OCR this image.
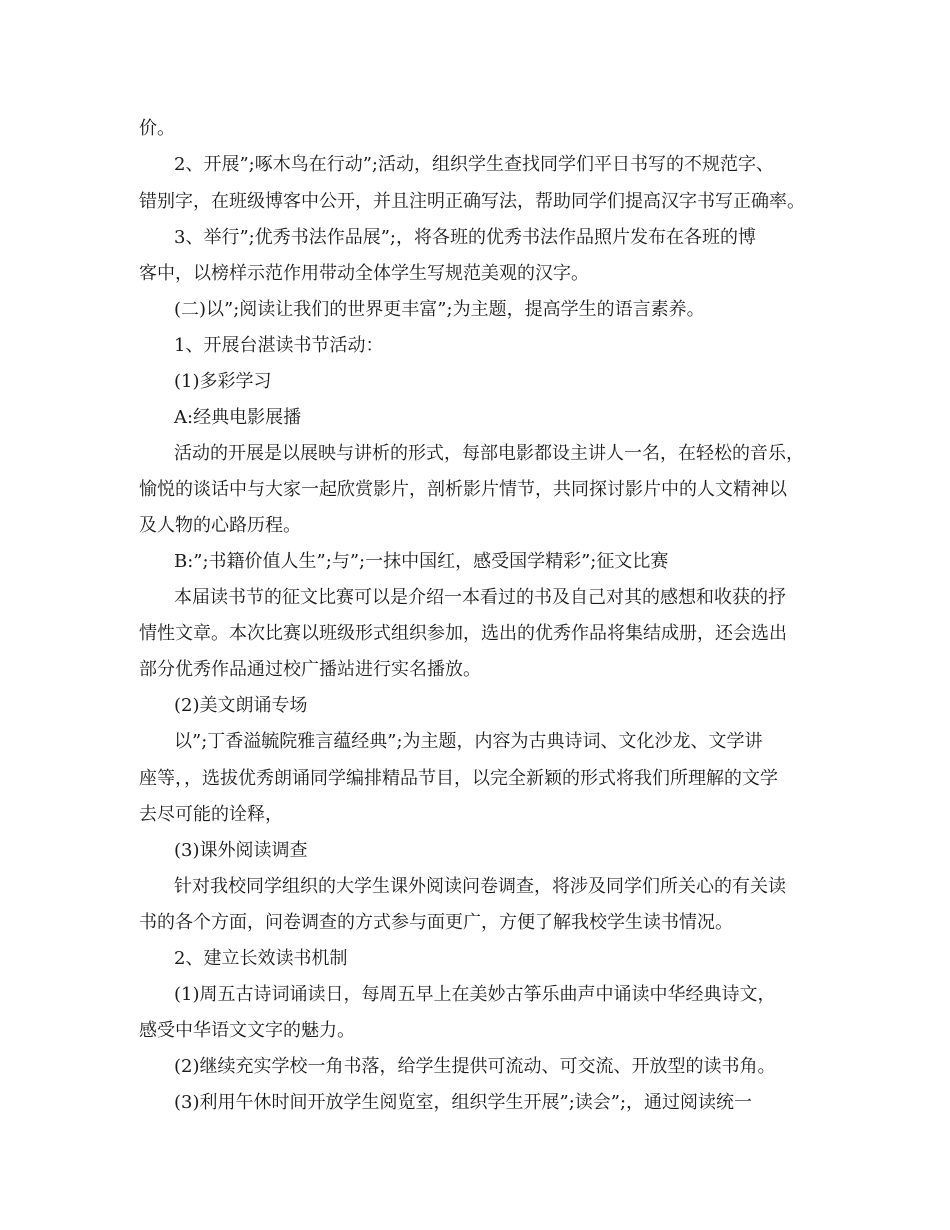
价。
2、开展”;啄木鸟在行动”;活动，组织学生查找同学们平日书写的不规范字、
错别字，在班级博客中公开，并且注明正确写法，帮助同学们提高汉字书写正确率。
3、举行”;优秀书法作品展”;，将各班的优秀书法作品照片发布在各班的博
客中，以榜样示范作用带动全体学生写规范美观的汉字。
(二)以”;阅读让我们的世界更丰富”;为主题，提高学生的语言素养。
1、开展台湛读书节活动：
(1)多彩学习
A:经典电影展播
活动的开展是以展映与讲析的形式，每部电影都设主讲人一名，在轻松的音乐，
愉悦的谈话中与大家一起欣赏影片，剖析影片情节，共同探讨影片中的人文精神以
及人物的心路历程。
B:”;书籍价值人生”;与”;一抹中国红，感受国学精彩”;征文比赛
本届读书节的征文比赛可以是介绍一本看过的书及自己对其的感想和收获的抒
情性文章。本次比赛以班级形式组织参加，选出的优秀作品将集结成册，还会选出
部分优秀作品通过校广播站进行实名播放。
(2)美文朗诵专场
以”;丁香溢毓院雅言蕴经典”;为主题，内容为古典诗词、文化沙龙、文学讲
座等，，选拔优秀朗诵同学编排精品节目，以完全新颖的形式将我们所理解的文学
去尽可能的诠释，
(3)课外阅读调查
针对我校同学组织的大学生课外阅读问卷调查，将涉及同学们所关心的有关读
书的各个方面，问卷调查的方式参与面更广，方便了解我校学生读书情况。
2、建立长效读书机制
(1)周五古诗词诵读日，每周五早上在美妙古筝乐曲声中诵读中华经典诗文，
感受中华语文文字的魅力。
(2)继续充实学校一角书落，给学生提供可流动、可交流、开放型的读书角。
(3)利用午休时间开放学生阅览室，组织学生开展”;读会”;，通过阅读统一
